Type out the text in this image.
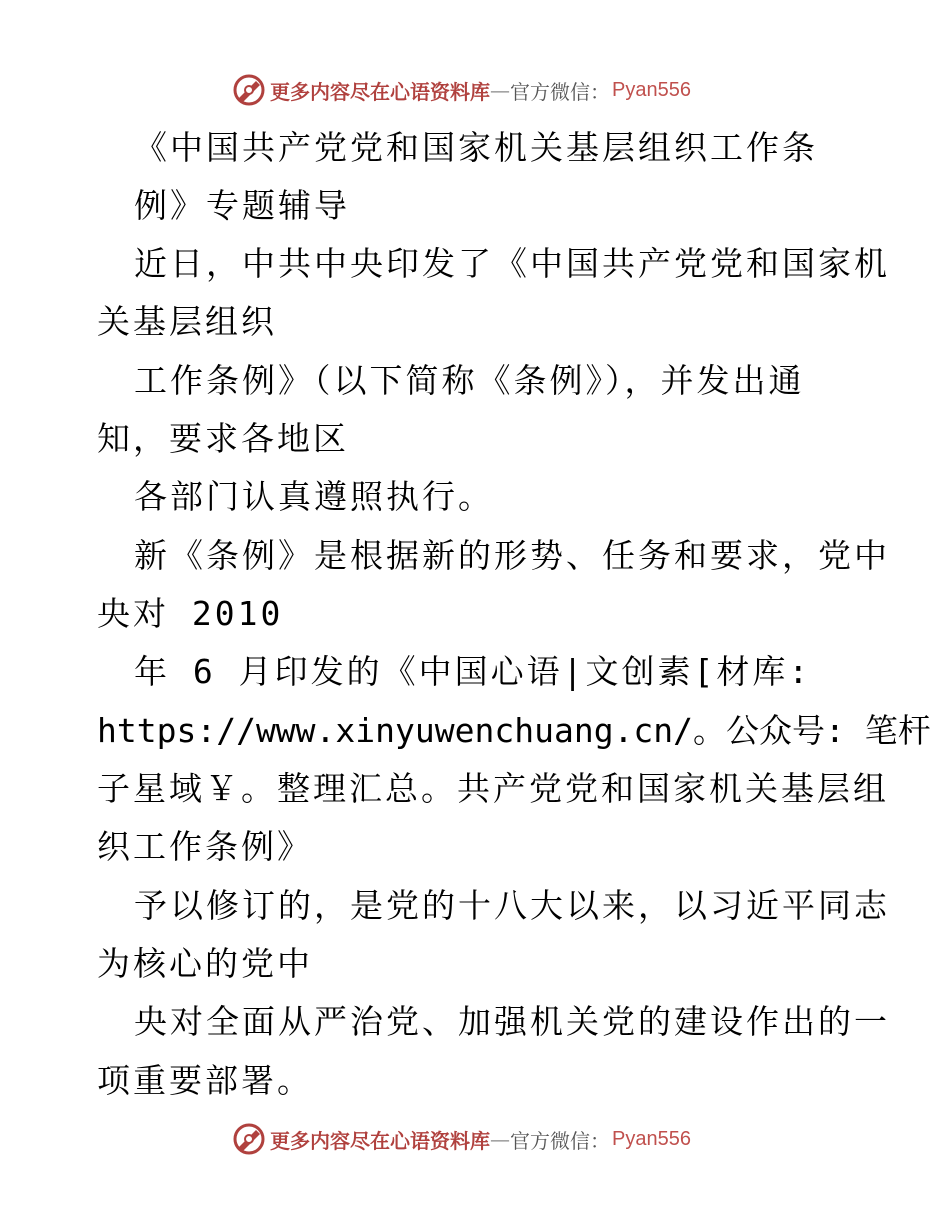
更多内容尽在心语资料库 — 官方微信： Pyan556
《中国共产党党和国家机关基层组织工作条
例》专题辅导
近日，中共中央印发了《中国共产党党和国家机
关基层组织
工作条例》（以下简称《条例》），并发出通
知，要求各地区
各部门认真遵照执行。
新《条例》是根据新的形势、任务和要求，党中
央对 2010
年 6 月印发的《中国心语|文创素[材库:
https://www.xinyuwenchuang.cn/。公众号: 笔杆
子星域￥。整理汇总。共产党党和国家机关基层组
织工作条例》
予以修订的，是党的十八大以来，以习近平同志
为核心的党中
央对全面从严治党、加强机关党的建设作出的一
项重要部署。
更多内容尽在心语资料库 — 官方微信： Pyan556
